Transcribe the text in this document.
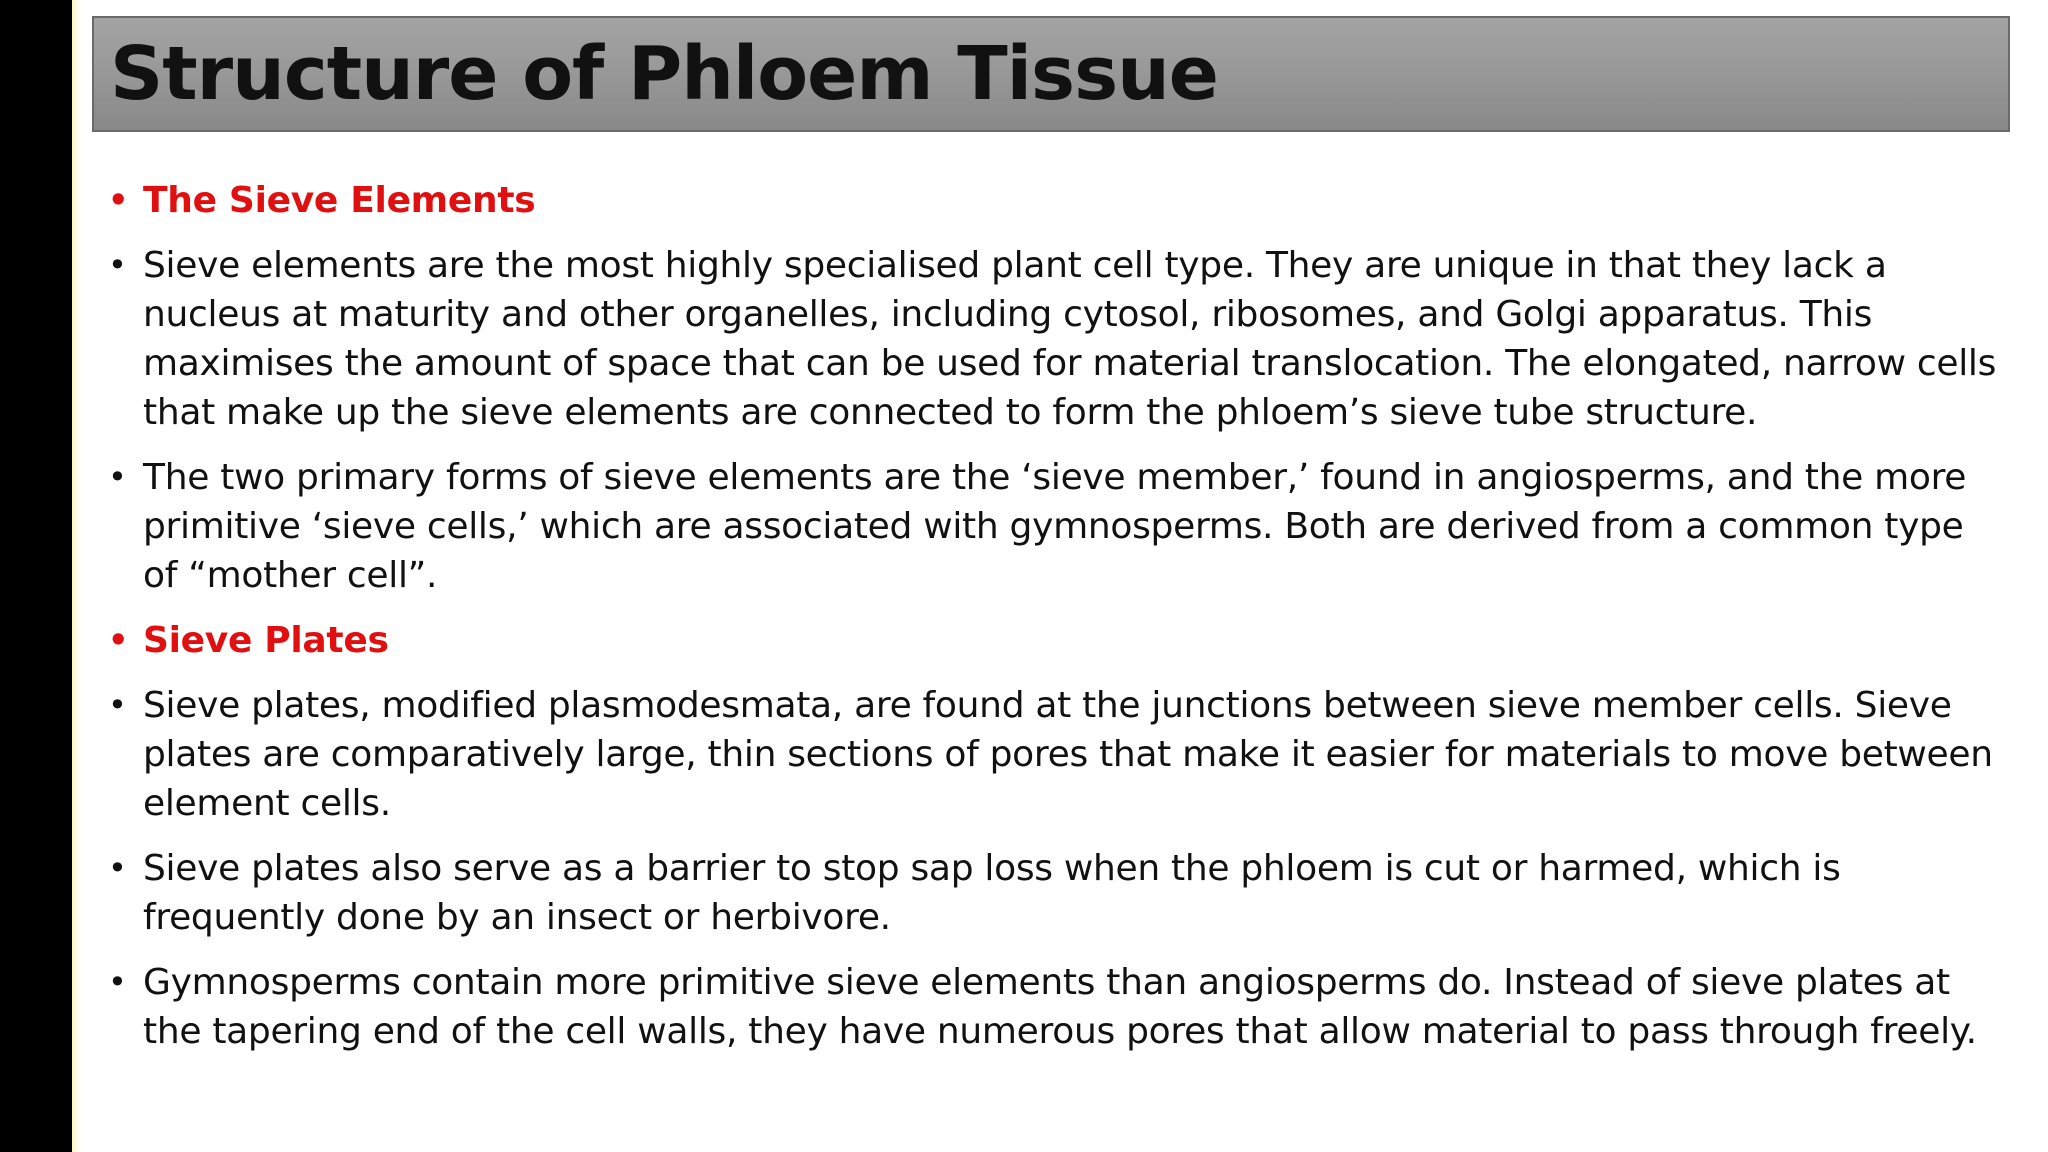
Structure of Phloem Tissue
• The Sieve Elements
• Sieve elements are the most highly specialised plant cell type. They are unique in that they lack a nucleus at maturity and other organelles, including cytosol, ribosomes, and Golgi apparatus. This maximises the amount of space that can be used for material translocation. The elongated, narrow cells that make up the sieve elements are connected to form the phloem’s sieve tube structure.
• The two primary forms of sieve elements are the ‘sieve member,’ found in angiosperms, and the more primitive ‘sieve cells,’ which are associated with gymnosperms. Both are derived from a common type of “mother cell”.
• Sieve Plates
• Sieve plates, modified plasmodesmata, are found at the junctions between sieve member cells. Sieve plates are comparatively large, thin sections of pores that make it easier for materials to move between element cells.
• Sieve plates also serve as a barrier to stop sap loss when the phloem is cut or harmed, which is frequently done by an insect or herbivore.
• Gymnosperms contain more primitive sieve elements than angiosperms do. Instead of sieve plates at the tapering end of the cell walls, they have numerous pores that allow material to pass through freely.
